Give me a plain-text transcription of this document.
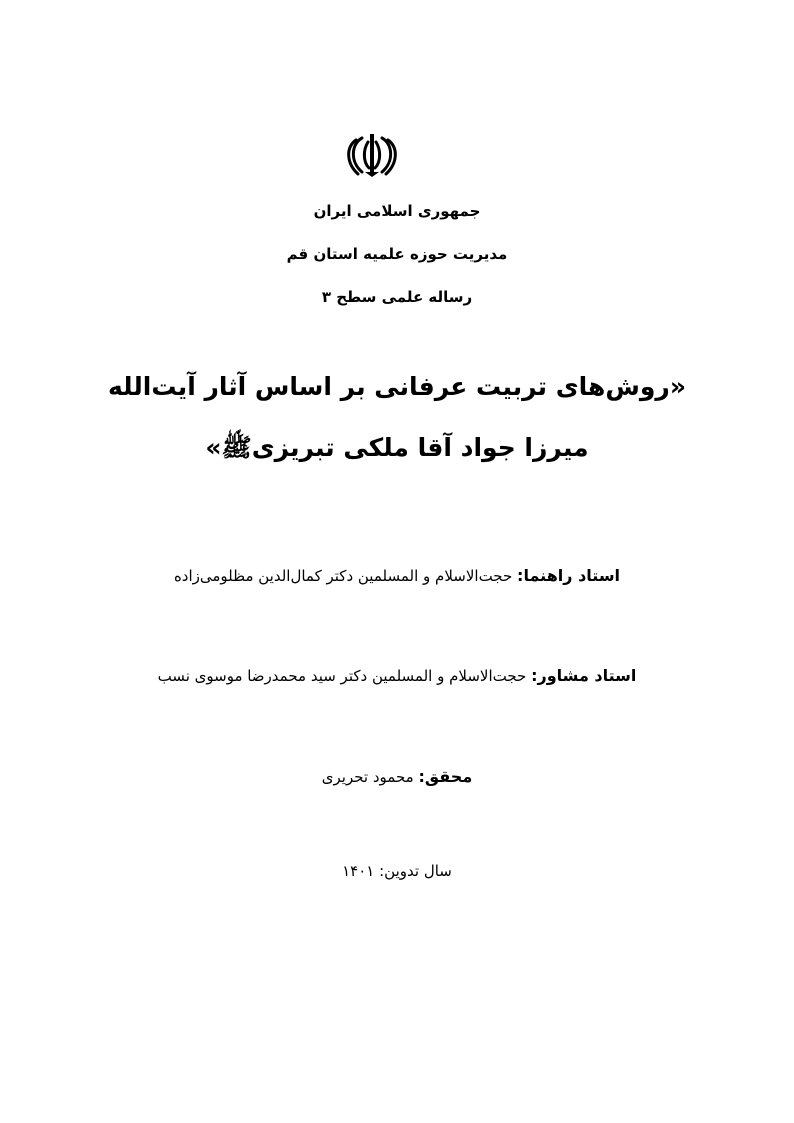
جمهوری اسلامی ایران
مدیریت حوزه علمیه استان قم
رساله علمی سطح ۳
«روش‌های تربیت عرفانی بر اساس آثار آیت‌الله
میرزا جواد آقا ملکی تبریزیﷺ»
استاد راهنما: حجت‌الاسلام و المسلمین دکتر کمال‌الدین مظلومی‌زاده
استاد مشاور: حجت‌الاسلام و المسلمین دکتر سید محمدرضا موسوی نسب
محقق: محمود تحریری
سال تدوین: ۱۴۰۱
